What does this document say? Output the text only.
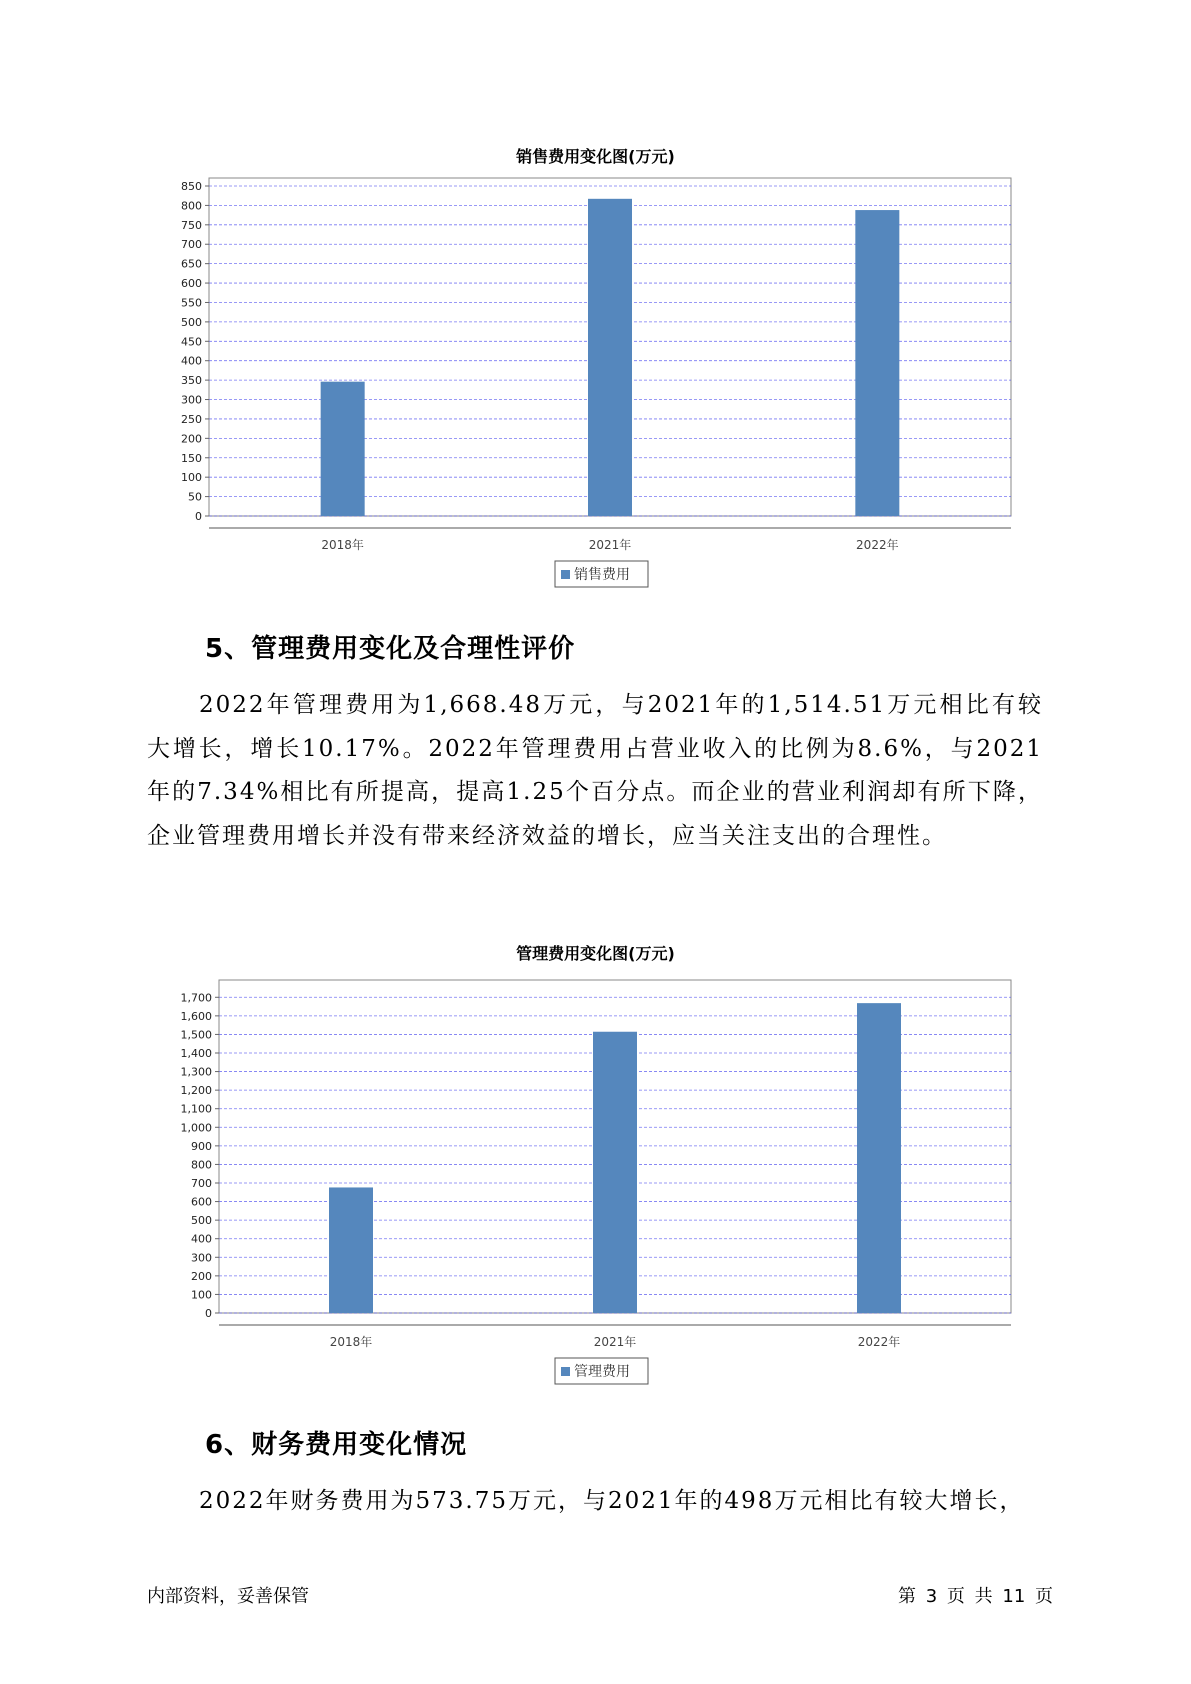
销售费用变化图(万元)
0
50
100
150
200
250
300
350
400
450
500
550
600
650
700
750
800
850
2018年	2021年	2022年
销售费用
5、管理费用变化及合理性评价
2022年管理费用为1,668.48万元，与2021年的1,514.51万元相比有较大增长，增长10.17%。2022年管理费用占营业收入的比例为8.6%，与2021年的7.34%相比有所提高，提高1.25个百分点。而企业的营业利润却有所下降，企业管理费用增长并没有带来经济效益的增长，应当关注支出的合理性。
管理费用变化图(万元)
0
100
200
300
400
500
600
700
800
900
1,000
1,100
1,200
1,300
1,400
1,500
1,600
1,700
2018年	2021年	2022年
管理费用
6、财务费用变化情况
2022年财务费用为573.75万元，与2021年的498万元相比有较大增长，
内部资料，妥善保管	第 3 页 共 11 页
